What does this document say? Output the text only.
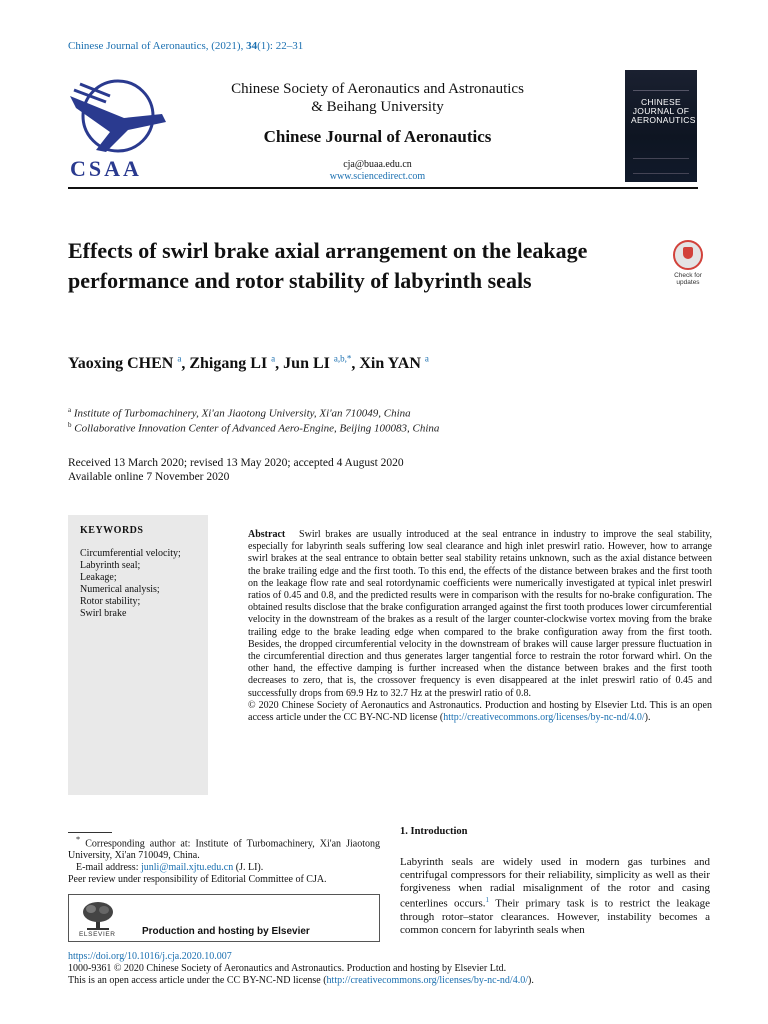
Chinese Journal of Aeronautics, (2021), 34(1): 22–31
CSAA
Chinese Society of Aeronautics and Astronautics
& Beihang University
Chinese Journal of Aeronautics
cja@buaa.edu.cn
www.sciencedirect.com
CHINESE JOURNAL OF AERONAUTICS
Effects of swirl brake axial arrangement on the leakage performance and rotor stability of labyrinth seals	Check for updates
Yaoxing CHEN $^a$, Zhigang LI $^a$, Jun LI $^{a,b,*}$, Xin YAN $^a$
$^a$ Institute of Turbomachinery, Xi'an Jiaotong University, Xi'an 710049, China
$^b$ Collaborative Innovation Center of Advanced Aero-Engine, Beijing 100083, China
Received 13 March 2020; revised 13 May 2020; accepted 4 August 2020
Available online 7 November 2020
KEYWORDS
Circumferential velocity;
Labyrinth seal;
Leakage;
Numerical analysis;
Rotor stability;
Swirl brake

Abstract Swirl brakes are usually introduced at the seal entrance in industry to improve the seal stability, especially for labyrinth seals suffering low seal clearance and high inlet preswirl ratio. However, how to arrange swirl brakes at the seal entrance to obtain better seal stability retains unknown, such as the axial distance between the brake trailing edge and the first tooth. To this end, the effects of the distance between brakes and the first tooth on the leakage flow rate and seal rotordynamic coefficients were numerically investigated at typical inlet preswirl ratios of 0.45 and 0.8, and the predicted results were in comparison with the results for no-brake configuration. The obtained results disclose that the brake configuration arranged against the first tooth produces lower circumferential velocity in the downstream of the brakes as a result of the larger counter-clockwise vortex moving from the brake trailing edge to the brake leading edge when compared to the brake configuration away from the first tooth. Besides, the dropped circumferential velocity in the downstream of brakes will cause larger pressure fluctuation in the circumferential direction and thus generates larger tangential force to restrain the rotor forward whirl. On the other hand, the effective damping is further increased when the distance between brakes and the first tooth decreases to zero, that is, the crossover frequency is even disappeared at the inlet preswirl ratio of 0.45 and successfully drops from 69.9 Hz to 32.7 Hz at the preswirl ratio of 0.8.

© 2020 Chinese Society of Aeronautics and Astronautics. Production and hosting by Elsevier Ltd. This is an open access article under the CC BY-NC-ND license (http://creativecommons.org/licenses/by-nc-nd/4.0/).

* Corresponding author at: Institute of Turbomachinery, Xi'an Jiaotong University, Xi'an 710049, China.

E-mail address: junli@mail.xjtu.edu.cn (J. LI).

Peer review under responsibility of Editorial Committee of CJA.
ELSEVIER	Production and hosting by Elsevier
1. Introduction
Labyrinth seals are widely used in modern gas turbines and centrifugal compressors for their reliability, simplicity as well as their forgiveness when radial misalignment of the rotor and casing centerlines occurs.$^1$ Their primary task is to restrict the leakage through rotor–stator clearances. However, instability becomes a common concern for labyrinth seals when
https://doi.org/10.1016/j.cja.2020.10.007
1000-9361 © 2020 Chinese Society of Aeronautics and Astronautics. Production and hosting by Elsevier Ltd.
This is an open access article under the CC BY-NC-ND license (http://creativecommons.org/licenses/by-nc-nd/4.0/).
